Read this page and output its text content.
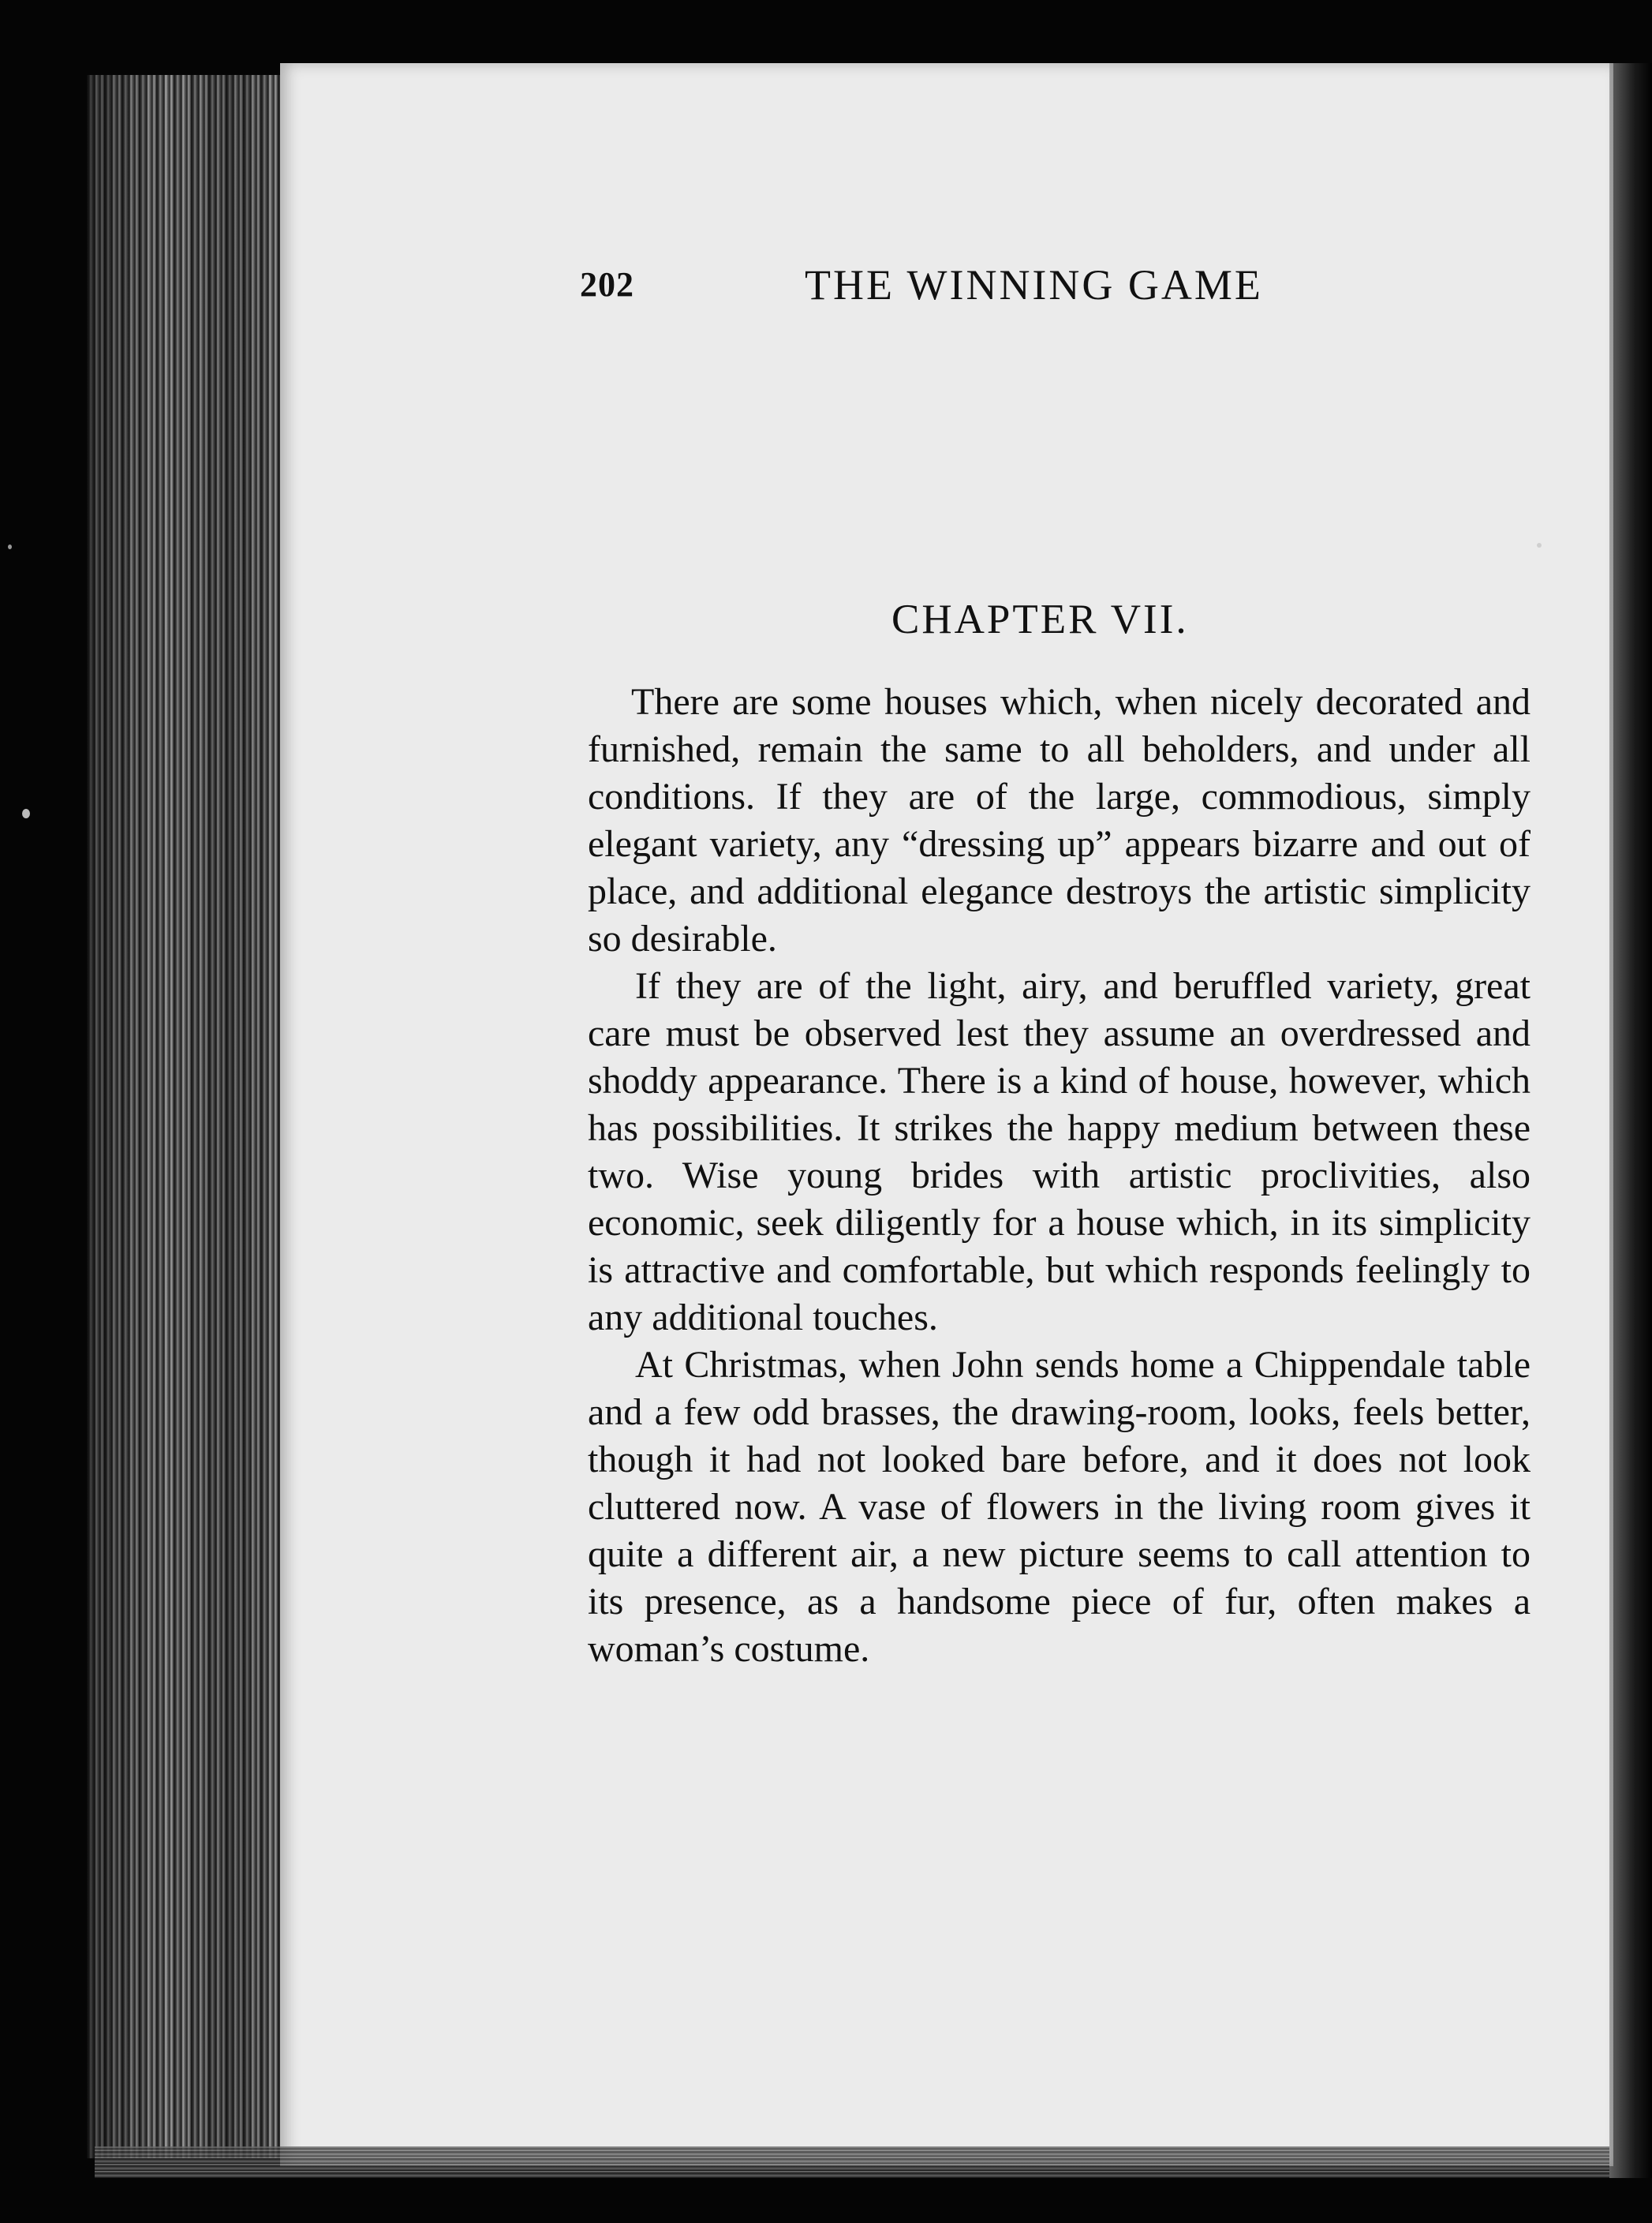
202	THE WINNING GAME
CHAPTER VII.

There are some houses which, when nicely decorated and furnished, remain the same to all beholders, and under all conditions. If they are of the large, commodious, simply elegant variety, any “dressing up” appears bizarre and out of place, and additional elegance destroys the artistic simplicity so desirable.

If they are of the light, airy, and beruffled variety, great care must be observed lest they assume an overdressed and shoddy appearance. There is a kind of house, however, which has possibilities. It strikes the happy medium between these two. Wise young brides with artistic proclivities, also economic, seek diligently for a house which, in its simplicity is attractive and comfortable, but which responds feelingly to any additional touches.

At Christmas, when John sends home a Chippendale table and a few odd brasses, the drawing-room, looks, feels better, though it had not looked bare before, and it does not look cluttered now. A vase of flowers in the living room gives it quite a different air, a new picture seems to call attention to its presence, as a handsome piece of fur, often makes a woman’s costume.
